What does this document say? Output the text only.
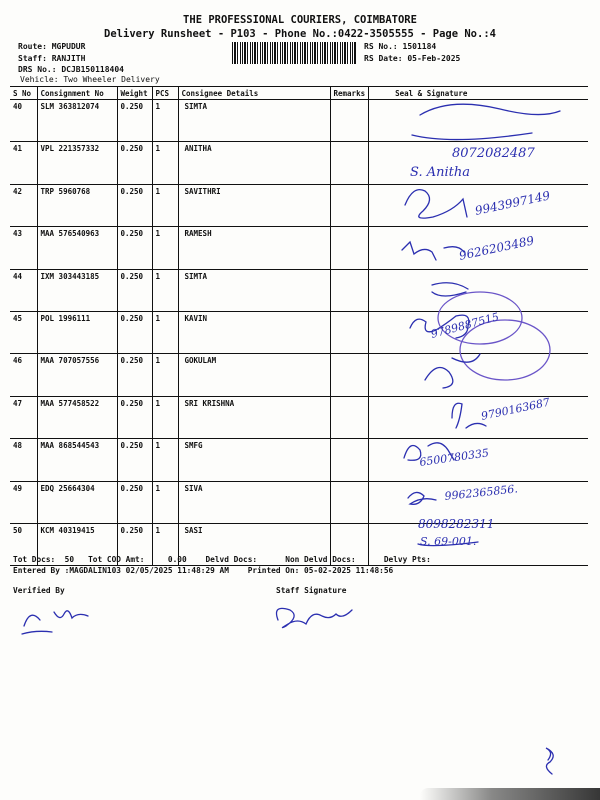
THE PROFESSIONAL COURIERS, COIMBATORE
Delivery Runsheet - P103 - Phone No.:0422-3505555 - Page No.:4
Route: MGPUDUR
Staff: RANJITH
DRS No.: DCJB150118404
Vehicle: Two Wheeler Delivery
RS No.: 1501184
RS Date: 05-Feb-2025
S No	Consignment No	Weight	PCS	Consignee Details	Remarks	Seal & Signature
40	SLM 363812074	0.250	1	SIMTA		
41	VPL 221357332	0.250	1	ANITHA		
42	TRP 5960768	0.250	1	SAVITHRI		
43	MAA 576540963	0.250	1	RAMESH		
44	IXM 303443185	0.250	1	SIMTA		
45	POL 1996111	0.250	1	KAVIN		
46	MAA 707057556	0.250	1	GOKULAM		
47	MAA 577458522	0.250	1	SRI KRISHNA		
48	MAA 868544543	0.250	1	SMFG		
49	EDQ 25664304	0.250	1	SIVA		
50	KCM 40319415	0.250	1	SASI		
Tot Docs:  50   Tot COD Amt:     0.00    Delvd Docs:      Non Delvd Docs:      Delvy Pts:
Entered By :MAGDALIN103 02/05/2025 11:48:29 AM    Printed On: 05-02-2025 11:48:56
Verified By	Staff Signature
8072082487
S. Anitha
9943997149
9626203489
9789887515
9790163687
6500780335
9962365856.
8098282311
S. 69-001.
